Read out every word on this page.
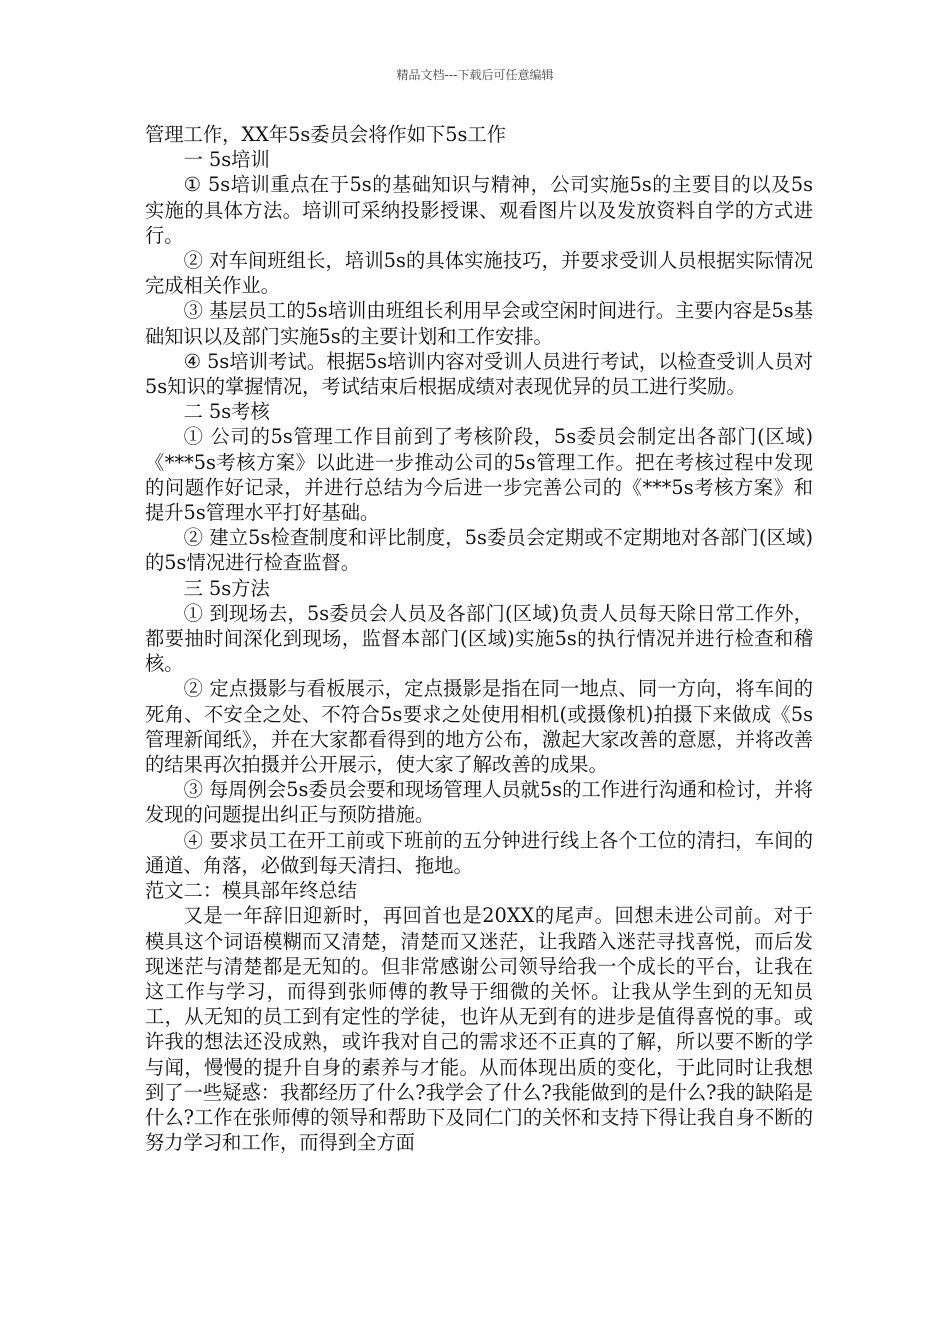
精品文档---下载后可任意编辑

管理工作，XX年5s委员会将作如下5s工作

一 5s培训

① 5s培训重点在于5s的基础知识与精神，公司实施5s的主要目的以及5s实施的具体方法。培训可采纳投影授课、观看图片以及发放资料自学的方式进行。

② 对车间班组长，培训5s的具体实施技巧，并要求受训人员根据实际情况完成相关作业。

③ 基层员工的5s培训由班组长利用早会或空闲时间进行。主要内容是5s基础知识以及部门实施5s的主要计划和工作安排。

④ 5s培训考试。根据5s培训内容对受训人员进行考试，以检查受训人员对5s知识的掌握情况，考试结束后根据成绩对表现优异的员工进行奖励。

二 5s考核

① 公司的5s管理工作目前到了考核阶段，5s委员会制定出各部门(区域)《***5s考核方案》以此进一步推动公司的5s管理工作。把在考核过程中发现的问题作好记录，并进行总结为今后进一步完善公司的《***5s考核方案》和提升5s管理水平打好基础。

② 建立5s检查制度和评比制度，5s委员会定期或不定期地对各部门(区域)的5s情况进行检查监督。

三 5s方法

① 到现场去，5s委员会人员及各部门(区域)负责人员每天除日常工作外，都要抽时间深化到现场，监督本部门(区域)实施5s的执行情况并进行检查和稽核。

② 定点摄影与看板展示，定点摄影是指在同一地点、同一方向，将车间的死角、不安全之处、不符合5s要求之处使用相机(或摄像机)拍摄下来做成《5s管理新闻纸》，并在大家都看得到的地方公布，激起大家改善的意愿，并将改善的结果再次拍摄并公开展示，使大家了解改善的成果。

③ 每周例会5s委员会要和现场管理人员就5s的工作进行沟通和检讨，并将发现的问题提出纠正与预防措施。

④ 要求员工在开工前或下班前的五分钟进行线上各个工位的清扫，车间的通道、角落，必做到每天清扫、拖地。

范文二：模具部年终总结

又是一年辞旧迎新时，再回首也是20XX的尾声。回想未进公司前。对于模具这个词语模糊而又清楚，清楚而又迷茫，让我踏入迷茫寻找喜悦，而后发现迷茫与清楚都是无知的。但非常感谢公司领导给我一个成长的平台，让我在这工作与学习，而得到张师傅的教导于细微的关怀。让我从学生到的无知员工，从无知的员工到有定性的学徒，也许从无到有的进步是值得喜悦的事。或许我的想法还没成熟，或许我对自己的需求还不正真的了解，所以要不断的学与闻，慢慢的提升自身的素养与才能。从而体现出质的变化，于此同时让我想到了一些疑惑：我都经历了什么?我学会了什么?我能做到的是什么?我的缺陷是什么?工作在张师傅的领导和帮助下及同仁门的关怀和支持下得让我自身不断的努力学习和工作，而得到全方面
